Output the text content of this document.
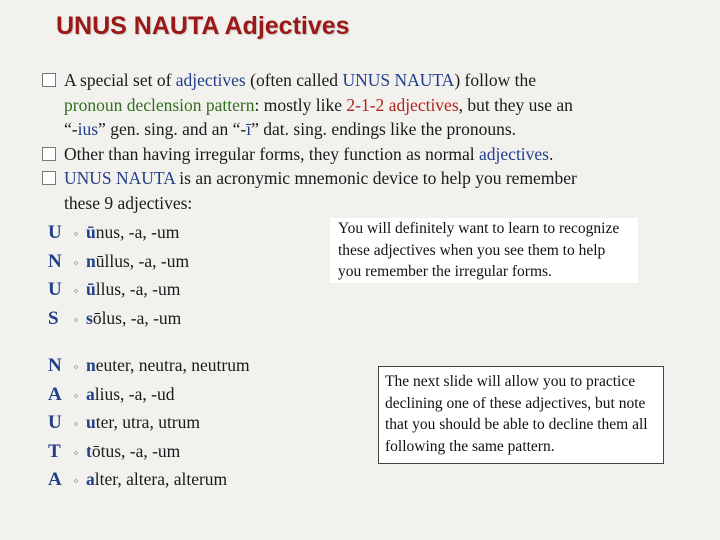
UNUS NAUTA Adjectives
A special set of adjectives (often called UNUS NAUTA) follow the
pronoun declension pattern: mostly like 2-1-2 adjectives, but they use an
“-ius” gen. sing. and an “-ī” dat. sing. endings like the pronouns.
Other than having irregular forms, they function as normal adjectives.
UNUS NAUTA is an acronymic mnemonic device to help you remember
these 9 adjectives:
U ◦ ūnus, -a, -um
N ◦ nūllus, -a, -um
U ◦ ūllus, -a, -um
S ◦ sōlus, -a, -um
N ◦ neuter, neutra, neutrum
A ◦ alius, -a, -ud
U ◦ uter, utra, utrum
T ◦ tōtus, -a, -um
A ◦ alter, altera, alterum
You will definitely want to learn to recognize these adjectives when you see them to help you remember the irregular forms.
The next slide will allow you to practice declining one of these adjectives, but note that you should be able to decline them all following the same pattern.
